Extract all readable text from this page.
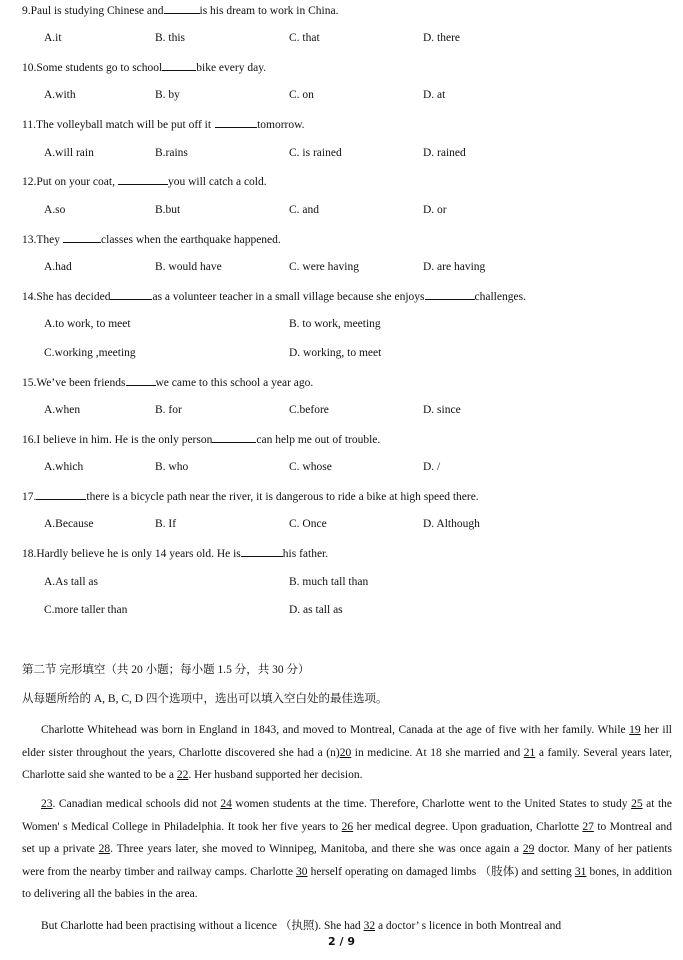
9.Paul is studying Chinese and	is his dream to work in China.
A.it	B. this	C. that	D. there
10.Some students go to school	bike every day.
A.with	B. by	C. on	D. at
11.The volleyball match will be put off it	tomorrow.
A.will rain	B.rains	C. is rained	D. rained
12.Put on your coat,	you will catch a cold.
A.so	B.but	C. and	D. or
13.They	classes when the earthquake happened.
A.had	B. would have	C. were having	D. are having
14.She has decided	as a volunteer teacher in a small village because she enjoys	challenges.
A.to work, to meet	B. to work, meeting
C.working ,meeting	D. working, to meet
15.We’ve been friends	we came to this school a year ago.
A.when	B. for	C.before	D. since
16.I believe in him. He is the only person	can help me out of trouble.
A.which	B. who	C. whose	D. /
17.	there is a bicycle path near the river, it is dangerous to ride a bike at high speed there.
A.Because	B. If	C. Once	D. Although
18.Hardly believe he is only 14 years old. He is	his father.
A.As tall as	B. much tall than
C.more taller than	D. as tall as
第二节 完形填空（共 20 小题；每小题 1.5 分，共 30 分）
从每题所给的 A, B, C, D 四个选项中，选出可以填入空白处的最佳选项。
Charlotte Whitehead was born in England in 1843, and moved to Montreal, Canada at the age of five with her family. While 19 her ill elder sister throughout the years, Charlotte discovered she had a (n)20 in medicine. At 18 she married and 21 a family. Several years later, Charlotte said she wanted to be a 22. Her husband supported her decision.
23. Canadian medical schools did not 24 women students at the time. Therefore, Charlotte went to the United States to study 25 at the Women' s Medical College in Philadelphia. It took her five years to 26 her medical degree. Upon graduation, Charlotte 27 to Montreal and set up a private 28. Three years later, she moved to Winnipeg, Manitoba, and there she was once again a 29 doctor. Many of her patients were from the nearby timber and railway camps. Charlotte 30 herself operating on damaged limbs （肢体) and setting 31 bones, in addition to delivering all the babies in the area.
But Charlotte had been practising without a licence （执照). She had 32 a doctor’ s licence in both Montreal and
2 / 9
